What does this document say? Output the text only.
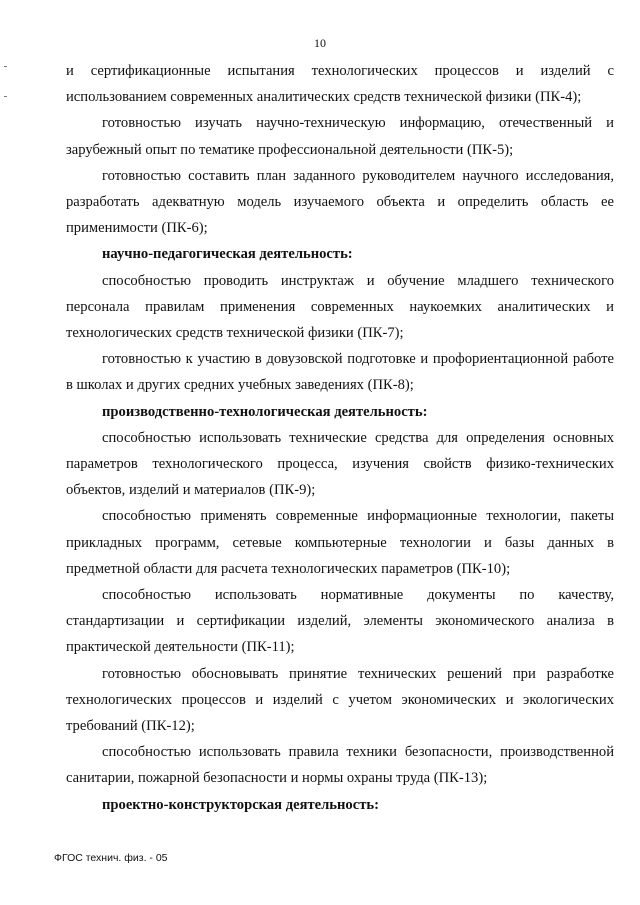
10

и сертификационные испытания технологических процессов и изделий с использованием современных аналитических средств технической физики (ПК-4);

готовностью изучать научно-техническую информацию, отечественный и зарубежный опыт по тематике профессиональной деятельности (ПК-5);

готовностью составить план заданного руководителем научного исследования, разработать адекватную модель изучаемого объекта и определить область ее применимости (ПК-6);

научно-педагогическая деятельность:

способностью проводить инструктаж и обучение младшего технического персонала правилам применения современных наукоемких аналитических и технологических средств технической физики (ПК-7);

готовностью к участию в довузовской подготовке и профориентационной работе в школах и других средних учебных заведениях (ПК-8);

производственно-технологическая деятельность:

способностью использовать технические средства для определения основных параметров технологического процесса, изучения свойств физико-технических объектов, изделий и материалов (ПК-9);

способностью применять современные информационные технологии, пакеты прикладных программ, сетевые компьютерные технологии и базы данных в предметной области для расчета технологических параметров (ПК-10);

способностью использовать нормативные документы по качеству, стандартизации и сертификации изделий, элементы экономического анализа в практической деятельности (ПК-11);

готовностью обосновывать принятие технических решений при разработке технологических процессов и изделий с учетом экономических и экологических требований (ПК-12);

способностью использовать правила техники безопасности, производственной санитарии, пожарной безопасности и нормы охраны труда (ПК-13);

проектно-конструкторская деятельность:

ФГОС технич. физ. - 05
